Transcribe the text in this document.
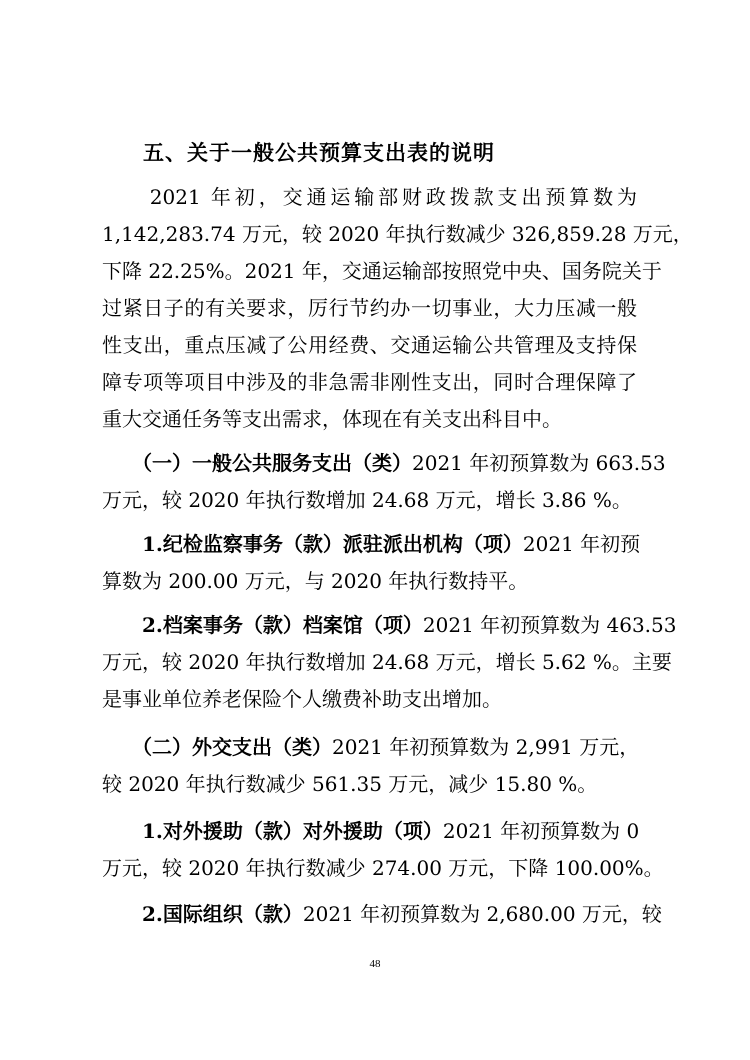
五、关于一般公共预算支出表的说明
　　2021 年初，交通运输部财政拨款支出预算数为
1,142,283.74 万元，较 2020 年执行数减少 326,859.28 万元，
下降 22.25%。2021 年，交通运输部按照党中央、国务院关于
过紧日子的有关要求，厉行节约办一切事业，大力压减一般
性支出，重点压减了公用经费、交通运输公共管理及支持保
障专项等项目中涉及的非急需非刚性支出，同时合理保障了
重大交通任务等支出需求，体现在有关支出科目中。
　　（一）一般公共服务支出（类）2021 年初预算数为 663.53
万元，较 2020 年执行数增加 24.68 万元，增长 3.86 %。
　　1.纪检监察事务（款）派驻派出机构（项）2021 年初预
算数为 200.00 万元，与 2020 年执行数持平。
　　2.档案事务（款）档案馆（项）2021 年初预算数为 463.53
万元，较 2020 年执行数增加 24.68 万元，增长 5.62 %。主要
是事业单位养老保险个人缴费补助支出增加。
　　（二）外交支出（类）2021 年初预算数为 2,991 万元，
较 2020 年执行数减少 561.35 万元，减少 15.80 %。
　　1.对外援助（款）对外援助（项）2021 年初预算数为 0
万元，较 2020 年执行数减少 274.00 万元，下降 100.00%。
　　2.国际组织（款）2021 年初预算数为 2,680.00 万元，较
48
